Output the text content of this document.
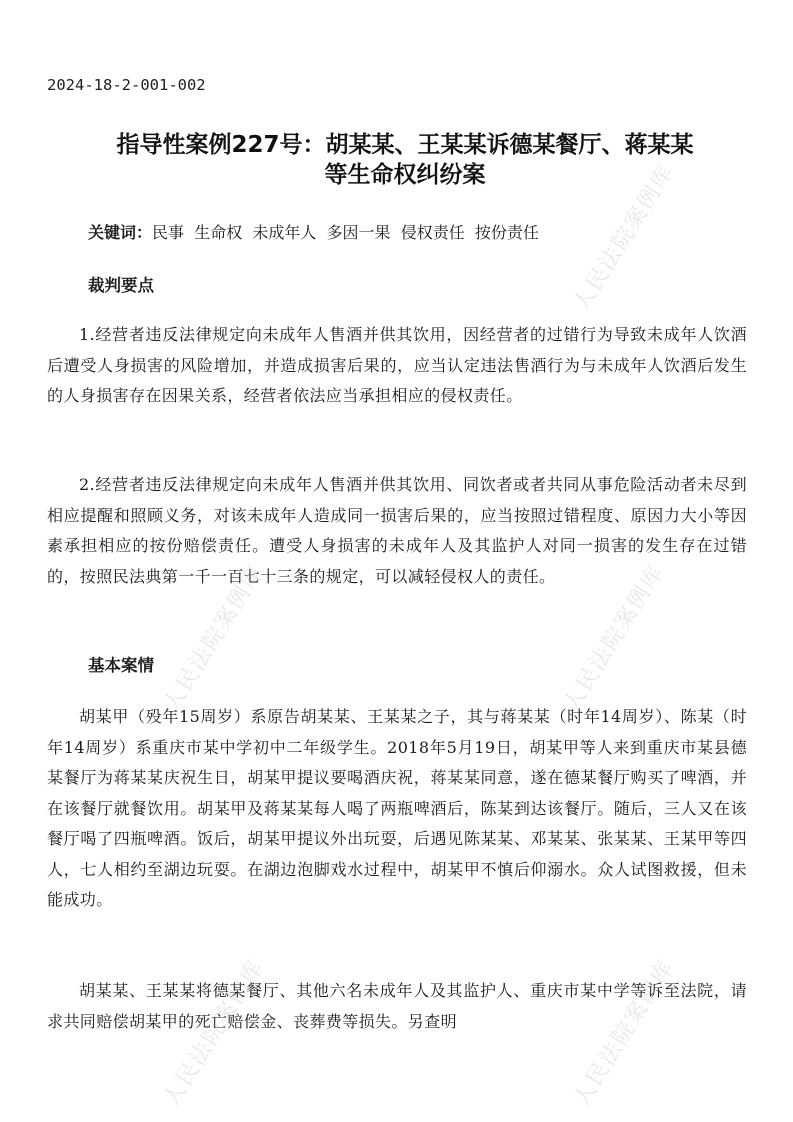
2024-18-2-001-002
指导性案例227号：胡某某、王某某诉德某餐厅、蒋某某
等生命权纠纷案
关键词：民事  生命权  未成年人  多因一果  侵权责任  按份责任
裁判要点
1.经营者违反法律规定向未成年人售酒并供其饮用，因经营者的过错行为导致未成年人饮酒后遭受人身损害的风险增加，并造成损害后果的，应当认定违法售酒行为与未成年人饮酒后发生的人身损害存在因果关系，经营者依法应当承担相应的侵权责任。
2.经营者违反法律规定向未成年人售酒并供其饮用、同饮者或者共同从事危险活动者未尽到相应提醒和照顾义务，对该未成年人造成同一损害后果的，应当按照过错程度、原因力大小等因素承担相应的按份赔偿责任。遭受人身损害的未成年人及其监护人对同一损害的发生存在过错的，按照民法典第一千一百七十三条的规定，可以减轻侵权人的责任。
基本案情
胡某甲（殁年15周岁）系原告胡某某、王某某之子，其与蒋某某（时年14周岁）、陈某（时年14周岁）系重庆市某中学初中二年级学生。2018年5月19日，胡某甲等人来到重庆市某县德某餐厅为蒋某某庆祝生日，胡某甲提议要喝酒庆祝，蒋某某同意，遂在德某餐厅购买了啤酒，并在该餐厅就餐饮用。胡某甲及蒋某某每人喝了两瓶啤酒后，陈某到达该餐厅。随后，三人又在该餐厅喝了四瓶啤酒。饭后，胡某甲提议外出玩耍，后遇见陈某某、邓某某、张某某、王某甲等四人，七人相约至湖边玩耍。在湖边泡脚戏水过程中，胡某甲不慎后仰溺水。众人试图救援，但未能成功。
胡某某、王某某将德某餐厅、其他六名未成年人及其监护人、重庆市某中学等诉至法院，请求共同赔偿胡某甲的死亡赔偿金、丧葬费等损失。另查明
人民法院案例库
人民法院案例库	人民法院案例库
人民法院案例库	人民法院案例库
